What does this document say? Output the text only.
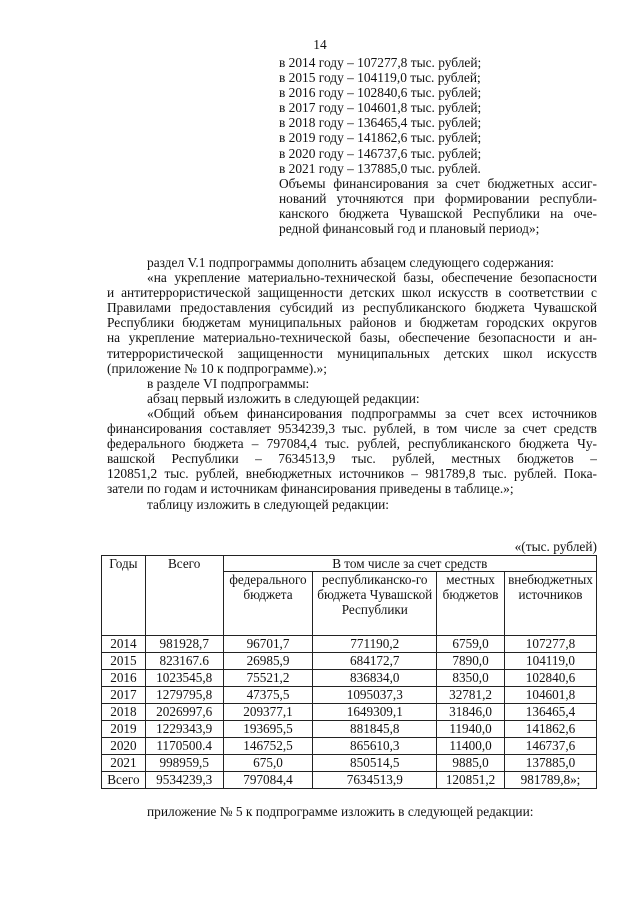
14
в 2014 году – 107277,8 тыс. рублей;
в 2015 году – 104119,0 тыс. рублей;
в 2016 году – 102840,6 тыс. рублей;
в 2017 году – 104601,8 тыс. рублей;
в 2018 году – 136465,4 тыс. рублей;
в 2019 году – 141862,6 тыс. рублей;
в 2020 году – 146737,6 тыс. рублей;
в 2021 году – 137885,0 тыс. рублей.
Объемы финансирования за счет бюджетных ассиг-
нований уточняются при формировании республи-
канского бюджета Чувашской Республики на оче-
редной финансовый год и плановый период»;
раздел V.1 подпрограммы дополнить абзацем следующего содержания:
«на укрепление материально-технической базы, обеспечение безопасности
и антитеррористической защищенности детских школ искусств в соответствии с
Правилами предоставления субсидий из республиканского бюджета Чувашской
Республики бюджетам муниципальных районов и бюджетам городских округов
на укрепление материально-технической базы, обеспечение безопасности и ан-
титеррористической защищенности муниципальных детских школ искусств
(приложение № 10 к подпрограмме).»;
в разделе VI подпрограммы:
абзац первый изложить в следующей редакции:
«Общий объем финансирования подпрограммы за счет всех источников
финансирования составляет 9534239,3 тыс. рублей, в том числе за счет средств
федерального бюджета – 797084,4 тыс. рублей, республиканского бюджета Чу-
вашской Республики – 7634513,9 тыс. рублей, местных бюджетов –
120851,2 тыс. рублей, внебюджетных источников – 981789,8 тыс. рублей. Пока-
затели по годам и источникам финансирования приведены в таблице.»;
таблицу изложить в следующей редакции:
«(тыс. рублей)
Годы	Всего	В том числе за счет средств			
		федерального бюджета	республиканско-го бюджета Чувашской Республики	местных бюджетов	внебюджетных источников
2014	981928,7	96701,7	771190,2	6759,0	107277,8
2015	823167.6	26985,9	684172,7	7890,0	104119,0
2016	1023545,8	75521,2	836834,0	8350,0	102840,6
2017	1279795,8	47375,5	1095037,3	32781,2	104601,8
2018	2026997,6	209377,1	1649309,1	31846,0	136465,4
2019	1229343,9	193695,5	881845,8	11940,0	141862,6
2020	1170500.4	146752,5	865610,3	11400,0	146737,6
2021	998959,5	675,0	850514,5	9885,0	137885,0
Всего	9534239,3	797084,4	7634513,9	120851,2	981789,8»;
приложение № 5 к подпрограмме изложить в следующей редакции:
